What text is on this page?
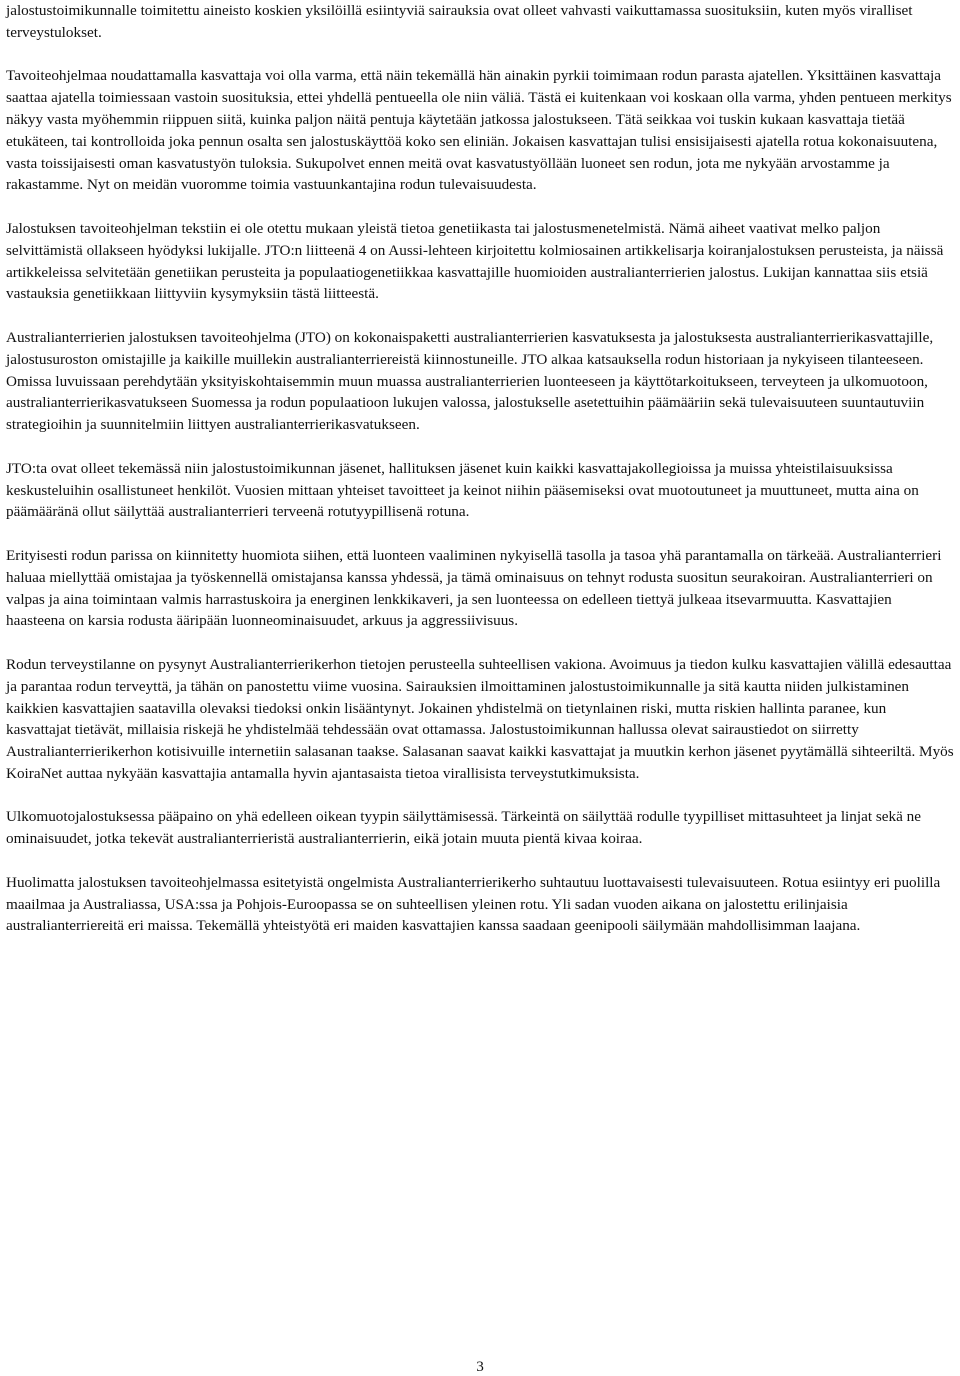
jalostustoimikunnalle toimitettu aineisto koskien yksilöillä esiintyviä sairauksia ovat olleet vahvasti vaikuttamassa suosituksiin, kuten myös viralliset terveystulokset.

Tavoiteohjelmaa noudattamalla kasvattaja voi olla varma, että näin tekemällä hän ainakin pyrkii toimimaan rodun parasta ajatellen. Yksittäinen kasvattaja saattaa ajatella toimiessaan vastoin suosituksia, ettei yhdellä pentueella ole niin väliä. Tästä ei kuitenkaan voi koskaan olla varma, yhden pentueen merkitys näkyy vasta myöhemmin riippuen siitä, kuinka paljon näitä pentuja käytetään jatkossa jalostukseen. Tätä seikkaa voi tuskin kukaan kasvattaja tietää etukäteen, tai kontrolloida joka pennun osalta sen jalostuskäyttöä koko sen eliniän. Jokaisen kasvattajan tulisi ensisijaisesti ajatella rotua kokonaisuutena, vasta toissijaisesti oman kasvatustyön tuloksia. Sukupolvet ennen meitä ovat kasvatustyöllään luoneet sen rodun, jota me nykyään arvostamme ja rakastamme. Nyt on meidän vuoromme toimia vastuunkantajina rodun tulevaisuudesta.

Jalostuksen tavoiteohjelman tekstiin ei ole otettu mukaan yleistä tietoa genetiikasta tai jalostusmenetelmistä. Nämä aiheet vaativat melko paljon selvittämistä ollakseen hyödyksi lukijalle. JTO:n liitteenä 4 on Aussi-lehteen kirjoitettu kolmiosainen artikkelisarja koiranjalostuksen perusteista, ja näissä artikkeleissa selvitetään genetiikan perusteita ja populaatiogenetiikkaa kasvattajille huomioiden australianterrierien jalostus. Lukijan kannattaa siis etsiä vastauksia genetiikkaan liittyviin kysymyksiin tästä liitteestä.

Australianterrierien jalostuksen tavoiteohjelma (JTO) on kokonaispaketti australianterrierien kasvatuksesta ja jalostuksesta australianterrierikasvattajille, jalostusuroston omistajille ja kaikille muillekin australianterriereistä kiinnostuneille. JTO alkaa katsauksella rodun historiaan ja nykyiseen tilanteeseen. Omissa luvuissaan perehdytään yksityiskohtaisemmin muun muassa australianterrierien luonteeseen ja käyttötarkoitukseen, terveyteen ja ulkomuotoon, australianterrierikasvatukseen Suomessa ja rodun populaatioon lukujen valossa, jalostukselle asetettuihin päämääriin sekä tulevaisuuteen suuntautuviin strategioihin ja suunnitelmiin liittyen australianterrierikasvatukseen.

JTO:ta ovat olleet tekemässä niin jalostustoimikunnan jäsenet, hallituksen jäsenet kuin kaikki kasvattajakollegioissa ja muissa yhteistilaisuuksissa keskusteluihin osallistuneet henkilöt. Vuosien mittaan yhteiset tavoitteet ja keinot niihin pääsemiseksi ovat muotoutuneet ja muuttuneet, mutta aina on päämääränä ollut säilyttää australianterrieri terveenä rotutyypillisenä rotuna.

Erityisesti rodun parissa on kiinnitetty huomiota siihen, että luonteen vaaliminen nykyisellä tasolla ja tasoa yhä parantamalla on tärkeää. Australianterrieri haluaa miellyttää omistajaa ja työskennellä omistajansa kanssa yhdessä, ja tämä ominaisuus on tehnyt rodusta suositun seurakoiran. Australianterrieri on valpas ja aina toimintaan valmis harrastuskoira ja energinen lenkkikaveri, ja sen luonteessa on edelleen tiettyä julkeaa itsevarmuutta. Kasvattajien haasteena on karsia rodusta ääripään luonneominaisuudet, arkuus ja aggressiivisuus.

Rodun terveystilanne on pysynyt Australianterrierikerhon tietojen perusteella suhteellisen vakiona. Avoimuus ja tiedon kulku kasvattajien välillä edesauttaa ja parantaa rodun terveyttä, ja tähän on panostettu viime vuosina. Sairauksien ilmoittaminen jalostustoimikunnalle ja sitä kautta niiden julkistaminen kaikkien kasvattajien saatavilla olevaksi tiedoksi onkin lisääntynyt. Jokainen yhdistelmä on tietynlainen riski, mutta riskien hallinta paranee, kun kasvattajat tietävät, millaisia riskejä he yhdistelmää tehdessään ovat ottamassa. Jalostustoimikunnan hallussa olevat sairaustiedot on siirretty Australianterrierikerhon kotisivuille internetiin salasanan taakse. Salasanan saavat kaikki kasvattajat ja muutkin kerhon jäsenet pyytämällä sihteeriltä. Myös KoiraNet auttaa nykyään kasvattajia antamalla hyvin ajantasaista tietoa virallisista terveystutkimuksista.

Ulkomuotojalostuksessa pääpaino on yhä edelleen oikean tyypin säilyttämisessä. Tärkeintä on säilyttää rodulle tyypilliset mittasuhteet ja linjat sekä ne ominaisuudet, jotka tekevät australianterrieristä australianterrierin, eikä jotain muuta pientä kivaa koiraa.

Huolimatta jalostuksen tavoiteohjelmassa esitetyistä ongelmista Australianterrierikerho suhtautuu luottavaisesti tulevaisuuteen. Rotua esiintyy eri puolilla maailmaa ja Australiassa, USA:ssa ja Pohjois-Euroopassa se on suhteellisen yleinen rotu. Yli sadan vuoden aikana on jalostettu erilinjaisia australianterriereitä eri maissa. Tekemällä yhteistyötä eri maiden kasvattajien kanssa saadaan geenipooli säilymään mahdollisimman laajana.

3
